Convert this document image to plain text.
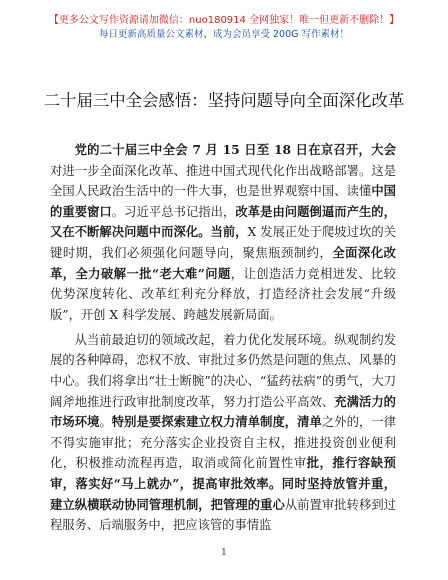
【更多公文写作资源请加微信：nuo180914 全网独家！唯一但更新不删除！】
每日更新高质量公文素材，成为会员享受 200G 写作素材！
二十届三中全会感悟：坚持问题导向全面深化改革

党的二十届三中全会 7 月 15 日至 18 日在京召开，大会对进一步全面深化改革、推进中国式现代化作出战略部署。这是全国人民政治生活中的一件大事，也是世界观察中国、读懂中国的重要窗口。习近平总书记指出，改革是由问题倒逼而产生的，又在不断解决问题中而深化。当前，X 发展正处于爬坡过坎的关键时期，我们必须强化问题导向，聚焦瓶颈制约，全面深化改革，全力破解一批“老大难”问题，让创造活力竞相迸发、比较优势深度转化、改革红利充分释放，打造经济社会发展“升级版”，开创 X 科学发展、跨越发展新局面。

从当前最迫切的领域改起，着力优化发展环境。纵观制约发展的各种障碍，恋权不放、审批过多仍然是问题的焦点、风暴的中心。我们将拿出“壮士断腕”的决心、“猛药祛病”的勇气，大刀阔斧地推进行政审批制度改革，努力打造公平高效、充满活力的市场环境。特别是要探索建立权力清单制度，清单之外的，一律不得实施审批；充分落实企业投资自主权，推进投资创业便利化，积极推动流程再造，取消或简化前置性审批，推行容缺预审，落实好“马上就办”，提高审批效率。同时坚持放管并重，建立纵横联动协同管理机制，把管理的重心从前置审批转移到过程服务、后端服务中，把应该管的事情监

1
